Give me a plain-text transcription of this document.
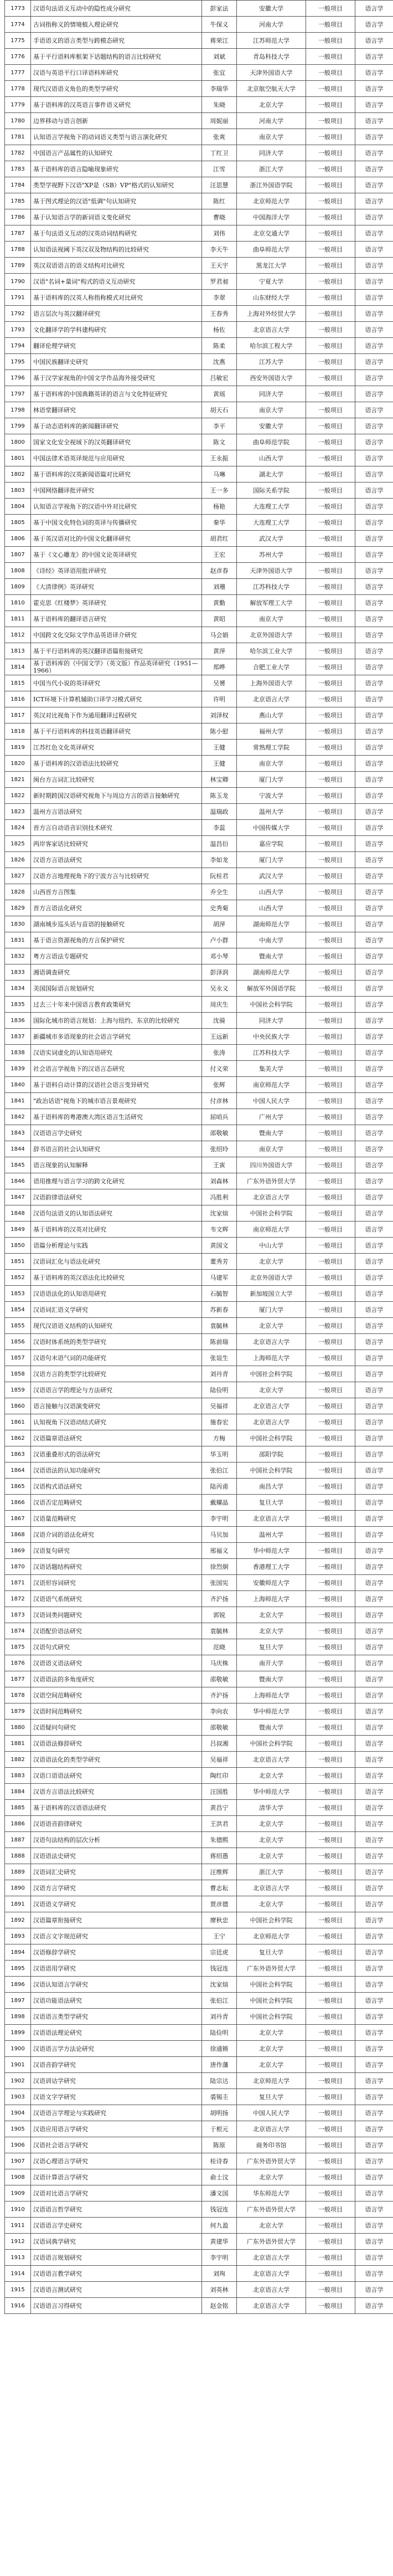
1773	汉语句法语义互动中的隐性成分研究	彭家法	安徽大学	一般项目	语言学
1774	古词指称义的情境植入理论研究	牛保义	河南大学	一般项目	语言学
1775	手语语义的语言类型与跨模态研究	蒋荣江	江苏师范大学	一般项目	语言学
1776	基于平行语料库框架下话题结构的语言比较研究	刘斌	青岛科技大学	一般项目	语言学
1777	汉语与英语平行口译语料库研究	张宜	天津外国语大学	一般项目	语言学
1778	现代汉语语义角色的类型学研究	李瑞华	北京航空航天大学	一般项目	语言学
1779	基于语料库的汉英语言事件语义研究	朱晓	北京大学	一般项目	语言学
1780	边界移动与语言创新	周妮丽	河南大学	一般项目	语言学
1781	认知语言学视角下的动词语义类型与语言演化研究	张爽	南京大学	一般项目	语言学
1782	中国语言产品属性的认知研究	丁红卫	同济大学	一般项目	语言学
1783	基于语料库的语言隐喻现象研究	江雪	浙江大学	一般项目	语言学
1784	类型学视野下汉语"XP是（SB）VP"格式的认知研究	汪思慧	浙江外国语学院	一般项目	语言学
1785	基于图式理论的汉语"低调"句认知研究	陈红	北京师范大学	一般项目	语言学
1786	基于认知语言学的新词语义变化研究	曹晓	中国海洋大学	一般项目	语言学
1787	基于句法语义互动的汉英动词结构研究	刘伟	北京交通大学	一般项目	语言学
1788	认知语法视阈下英汉双及物结构的比较研究	李天牛	曲阜师范大学	一般项目	语言学
1789	英汉双语语言的语义结构对比研究	王天宇	黑龙江大学	一般项目	语言学
1790	汉语"名词+量词"构式的语义互动研究	罗君昶	宁夏大学	一般项目	语言学
1791	基于语料库的汉英人称指称模式对比研究	李翠	山东财经大学	一般项目	语言学
1792	语言层次与英汉翻译研究	王春秀	上海对外经贸大学	一般项目	语言学
1793	文化翻译学的学科建构研究	杨佐	北京语言大学	一般项目	语言学
1794	翻译伦理学研究	陈柔	哈尔滨工程大学	一般项目	语言学
1795	中国民族翻译史研究	沈燕	江苏大学	一般项目	语言学
1796	基于汉学家视角的中国文学作品海外接受研究	吕敏宏	西安外国语大学	一般项目	语言学
1797	基于语料库的中国典籍英译的语言与文化特征研究	黄瑶	同济大学	一般项目	语言学
1798	林语堂翻译研究	胡天石	南京大学	一般项目	语言学
1799	基于动态语料库的新闻翻译研究	李平	安徽大学	一般项目	语言学
1800	国家文化安全视域下的汉英翻译研究	陈文	曲阜师范学院	一般项目	语言学
1801	中国法律术语英译规范与应用研究	王永振	山西大学	一般项目	语言学
1802	基于语料库的汉英新闻语篇对比研究	马琳	湖北大学	一般项目	语言学
1803	中国网络翻译批评研究	王一多	国际关系学院	一般项目	语言学
1804	认知语言学视角下的汉语中外对比研究	杨艳	大连理工大学	一般项目	语言学
1805	基于中国文化特色词的英译与传播研究	秦华	大连理工大学	一般项目	语言学
1806	基于英汉语对比的中国文化翻译研究	胡君红	武汉大学	一般项目	语言学
1807	基于《文心雕龙》的中国文论英译研究	王宏	苏州大学	一般项目	语言学
1808	《诗经》英译语用批评研究	赵彦春	天津外国语大学	一般项目	语言学
1809	《大清律例》英译研究	刘珊	江苏科技大学	一般项目	语言学
1810	霍克思《红楼梦》英译研究	黄勤	解放军理工大学	一般项目	语言学
1811	基于语料库的翻译语言研究	黄昭	南京大学	一般项目	语言学
1812	中国跨文化交际文学作品英语译介研究	马会娟	北京外国语大学	一般项目	语言学
1813	基于平行语料库的英汉翻译语篇衔接研究	黄萍	哈尔滨工业大学	一般项目	语言学
1814	基于语料库的《中国文学》（英文版）作品英译研究（1951—1966）	郑晔	合肥工业大学	一般项目	语言学
1815	中国当代小说的英译研究	吴赟	上海外国语大学	一般项目	语言学
1816	ICT环境下计算机辅助口译学习模式研究	许明	北京语言大学	一般项目	语言学
1817	英汉对比视角下作为通用翻译过程研究	刘泽权	燕山大学	一般项目	语言学
1818	基于平行语料库的科技英语翻译研究	陈小慰	福州大学	一般项目	语言学
1819	江苏红色文化英译研究	王健	常熟理工学院	一般项目	语言学
1820	基于语料库的汉语语法比较研究	王健	南京大学	一般项目	语言学
1821	闽台方言词汇比较研究	林宝卿	厦门大学	一般项目	语言学
1822	新时期跨国汉语研究视角下与周边方言的语言接触研究	陈玉龙	宁波大学	一般项目	语言学
1823	温州方言语法研究	温瑞政	温州大学	一般项目	语言学
1824	晋方言自动语音识别技术研究	李蕊	中国传媒大学	一般项目	语言学
1825	两岸客家话比较研究	温昌衍	嘉应学院	一般项目	语言学
1826	汉语方言语法研究	李如龙	厦门大学	一般项目	语言学
1827	汉语方言地理视角下的宁波方言与比较研究	阮桂君	武汉大学	一般项目	语言学
1828	山西晋方言图集	乔全生	山西大学	一般项目	语言学
1829	晋方言语法化研究	史秀菊	山西大学	一般项目	语言学
1830	湖南城步巡头话与苗语的接触研究	胡萍	湖南师范大学	一般项目	语言学
1831	基于语言资源视角的方言保护研究	卢小群	中南大学	一般项目	语言学
1832	粤方言语法专题研究	邓小琴	暨南大学	一般项目	语言学
1833	湘语调查研究	彭泽润	湖南师范大学	一般项目	语言学
1834	美国国际语言规划研究	吴永义	解放军外国语学院	一般项目	语言学
1835	过去三十年来中国语言教育政策研究	周庆生	中国社会科学院	一般项目	语言学
1836	国际化城市的语言规划：上海与纽约、东京的比较研究	沈骑	同济大学	一般项目	语言学
1837	新疆城市多语现象的社会语言学研究	王远新	中央民族大学	一般项目	语言学
1838	汉语实词虚化的认知语用研究	张涛	江苏科技大学	一般项目	语言学
1839	社会语言学视角下的汉语言态研究	付义荣	集美大学	一般项目	语言学
1840	基于语料自动计算的汉语社会语言变异研究	张辉	南京师范大学	一般项目	语言学
1841	"政治话语"视角下的城市语言景观研究	付彦林	中国人民大学	一般项目	语言学
1842	基于语料库的粤港澳大湾区语言生活研究	屈哨兵	广州大学	一般项目	语言学
1843	汉语语言学史研究	邵敬敏	暨南大学	一般项目	语言学
1844	辞书语言的社会认知研究	张绍玲	南京大学	一般项目	语言学
1845	语言现象的认知解释	王寅	四川外国语大学	一般项目	语言学
1846	语用推理与语言学习的跨文化研究	刘森林	广东外语外贸大学	一般项目	语言学
1847	汉语韵律语法研究	冯胜利	北京语言大学	一般项目	语言学
1848	汉语句法语义的认知语法研究	沈家煊	中国社会科学院	一般项目	语言学
1849	基于语料库的汉英对比研究	韦文辉	南京师范大学	一般项目	语言学
1850	语篇分析理论与实践	黄国文	中山大学	一般项目	语言学
1851	汉语词汇化与语法化研究	董秀芳	北京大学	一般项目	语言学
1852	基于语料库的英汉语法化比较研究	马建军	北京外国语大学	一般项目	语言学
1853	汉语语法化的认知语用研究	石毓智	新加坡国立大学	一般项目	语言学
1854	汉语词汇语义学研究	苏新春	厦门大学	一般项目	语言学
1855	现代汉语语义结构的认知研究	袁毓林	北京大学	一般项目	语言学
1856	汉语时体系统的类型学研究	陈前瑞	北京语言大学	一般项目	语言学
1857	汉语句末语气词的功能研究	张谊生	上海师范大学	一般项目	语言学
1858	汉语方言的类型学比较研究	刘丹青	中国社会科学院	一般项目	语言学
1859	汉语语言学的理论与方法研究	陆俭明	北京大学	一般项目	语言学
1860	语言接触与汉语演变研究	吴福祥	北京语言大学	一般项目	语言学
1861	认知视角下汉语动结式研究	施春宏	北京语言大学	一般项目	语言学
1862	汉语篇章语法研究	方梅	中国社会科学院	一般项目	语言学
1863	汉语重叠形式的语法研究	华玉明	邵阳学院	一般项目	语言学
1864	汉语语法的认知功能研究	张伯江	中国社会科学院	一般项目	语言学
1865	汉语构式语法研究	陆丙甫	南昌大学	一般项目	语言学
1866	汉语否定范畴研究	戴耀晶	复旦大学	一般项目	语言学
1867	汉语量范畴研究	李宇明	北京语言大学	一般项目	语言学
1868	汉语介词的语法化研究	马贝加	温州大学	一般项目	语言学
1869	汉语复句研究	邢福义	华中师范大学	一般项目	语言学
1870	汉语话题结构研究	徐烈炯	香港理工大学	一般项目	语言学
1871	汉语形容词研究	张国宪	安徽师范大学	一般项目	语言学
1872	汉语语气系统研究	齐沪扬	上海师范大学	一般项目	语言学
1873	汉语词类问题研究	郭锐	北京大学	一般项目	语言学
1874	汉语配价语法研究	袁毓林	北京大学	一般项目	语言学
1875	汉语句式研究	范晓	复旦大学	一般项目	语言学
1876	汉语语义语法研究	马庆株	南开大学	一般项目	语言学
1877	汉语语法的多角度研究	邵敬敏	暨南大学	一般项目	语言学
1878	汉语空间范畴研究	齐沪扬	上海师范大学	一般项目	语言学
1879	汉语时间范畴研究	李向农	华中师范大学	一般项目	语言学
1880	汉语疑问句研究	邵敬敏	暨南大学	一般项目	语言学
1881	汉语语法修辞研究	吕叔湘	中国社会科学院	一般项目	语言学
1882	汉语语法化的类型学研究	吴福祥	北京语言大学	一般项目	语言学
1883	汉语口语语法研究	陶红印	北京大学	一般项目	语言学
1884	汉语方言语法比较研究	汪国胜	华中师范大学	一般项目	语言学
1885	基于语料库的汉语语法研究	黄昌宁	清华大学	一般项目	语言学
1886	汉语语音韵律研究	王洪君	北京大学	一般项目	语言学
1887	汉语句法结构的层次分析	朱德熙	北京大学	一般项目	语言学
1888	汉语语法史研究	蒋绍愚	北京大学	一般项目	语言学
1889	汉语词汇史研究	汪维辉	浙江大学	一般项目	语言学
1890	汉语方言学研究	曹志耘	北京语言大学	一般项目	语言学
1891	汉语语义学研究	贾彦德	北京大学	一般项目	语言学
1892	汉语篇章衔接研究	廖秋忠	中国社会科学院	一般项目	语言学
1893	汉语言文字规范研究	王宁	北京师范大学	一般项目	语言学
1894	汉语修辞学研究	宗廷虎	复旦大学	一般项目	语言学
1895	汉语语用学研究	钱冠连	广东外语外贸大学	一般项目	语言学
1896	汉语认知语言学研究	沈家煊	中国社会科学院	一般项目	语言学
1897	汉语功能语法研究	张伯江	中国社会科学院	一般项目	语言学
1898	汉语语言类型学研究	刘丹青	中国社会科学院	一般项目	语言学
1899	汉语语法理论研究	陆俭明	北京大学	一般项目	语言学
1900	汉语语言学方法论研究	徐通锵	北京大学	一般项目	语言学
1901	汉语音韵学研究	唐作藩	北京大学	一般项目	语言学
1902	汉语训诂学研究	陆宗达	北京师范大学	一般项目	语言学
1903	汉语文字学研究	裘锡圭	复旦大学	一般项目	语言学
1904	汉语语言学理论与实践研究	胡明扬	中国人民大学	一般项目	语言学
1905	汉语应用语言学研究	于根元	北京语言大学	一般项目	语言学
1906	汉语社会语言学研究	陈原	商务印书馆	一般项目	语言学
1907	汉语心理语言学研究	桂诗春	广东外语外贸大学	一般项目	语言学
1908	汉语计算语言学研究	俞士汶	北京大学	一般项目	语言学
1909	汉语对比语言学研究	潘文国	华东师范大学	一般项目	语言学
1910	汉语语言哲学研究	钱冠连	广东外语外贸大学	一般项目	语言学
1911	汉语语言学史研究	何九盈	北京大学	一般项目	语言学
1912	汉语词典学研究	黄建华	广东外语外贸大学	一般项目	语言学
1913	汉语语言规划研究	李宇明	北京语言大学	一般项目	语言学
1914	汉语语言教学研究	刘珣	北京语言大学	一般项目	语言学
1915	汉语语言测试研究	刘英林	北京语言大学	一般项目	语言学
1916	汉语语言习得研究	赵金铭	北京语言大学	一般项目	语言学
